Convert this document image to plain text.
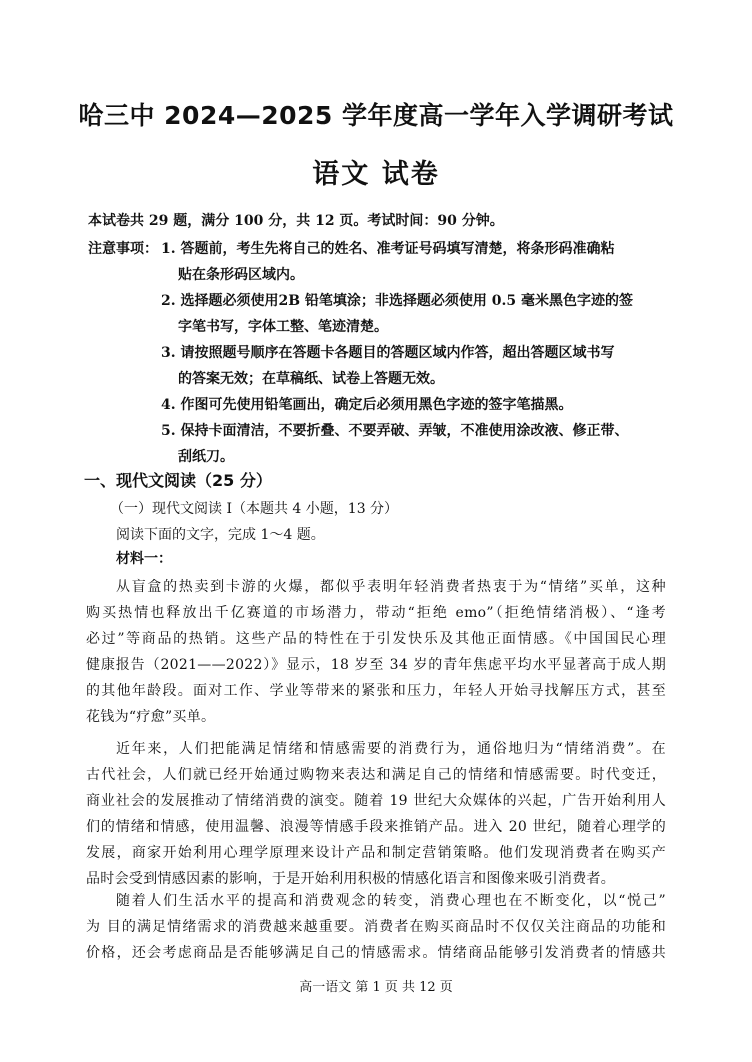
哈三中 2024—2025 学年度高一学年入学调研考试
语文 试卷
本试卷共 29 题，满分 100 分，共 12 页。考试时间：90 分钟。
注意事项： 1. 答题前，考生先将自己的姓名、准考证号码填写清楚，将条形码准确粘
贴在条形码区域内。
2. 选择题必须使用2B 铅笔填涂；非选择题必须使用 0.5 毫米黑色字迹的签
字笔书写，字体工整、笔迹清楚。
3. 请按照题号顺序在答题卡各题目的答题区域内作答，超出答题区域书写
的答案无效；在草稿纸、试卷上答题无效。
4. 作图可先使用铅笔画出，确定后必须用黑色字迹的签字笔描黑。
5. 保持卡面清洁，不要折叠、不要弄破、弄皱，不准使用涂改液、修正带、
刮纸刀。
一、现代文阅读（25 分）
（一）现代文阅读 Ⅰ（本题共 4 小题，13 分）
阅读下面的文字，完成 1～4 题。
材料一：
从盲盒的热卖到卡游的火爆，都似乎表明年轻消费者热衷于为“情绪”买单，这种
购买热情也释放出千亿赛道的市场潜力，带动“拒绝 emo”（拒绝情绪消极）、“逢考
必过”等商品的热销。这些产品的特性在于引发快乐及其他正面情感。《中国国民心理
健康报告（2021——2022）》显示，18 岁至 34 岁的青年焦虑平均水平显著高于成人期
的其他年龄段。面对工作、学业等带来的紧张和压力，年轻人开始寻找解压方式，甚至
花钱为“疗愈”买单。
近年来，人们把能满足情绪和情感需要的消费行为，通俗地归为“情绪消费”。在
古代社会，人们就已经开始通过购物来表达和满足自己的情绪和情感需要。时代变迁，
商业社会的发展推动了情绪消费的演变。随着 19 世纪大众媒体的兴起，广告开始利用人
们的情绪和情感，使用温馨、浪漫等情感手段来推销产品。进入 20 世纪，随着心理学的
发展，商家开始利用心理学原理来设计产品和制定营销策略。他们发现消费者在购买产
品时会受到情感因素的影响，于是开始利用积极的情感化语言和图像来吸引消费者。
随着人们生活水平的提高和消费观念的转变，消费心理也在不断变化，以“悦己”
为 目的满足情绪需求的消费越来越重要。消费者在购买商品时不仅仅关注商品的功能和
价格，还会考虑商品是否能够满足自己的情感需求。情绪商品能够引发消费者的情感共
高一语文 第 1 页 共 12 页
